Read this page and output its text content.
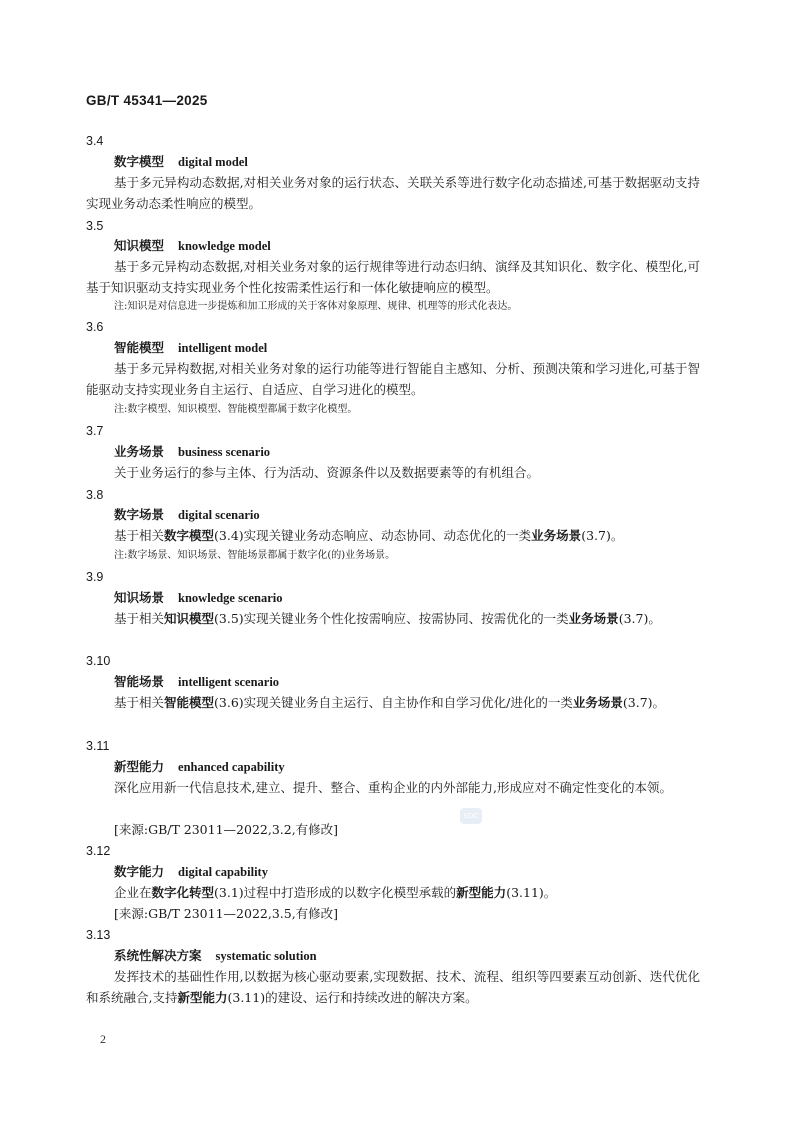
GB/T 45341—2025
3.4
数字模型 digital model
基于多元异构动态数据,对相关业务对象的运行状态、关联关系等进行数字化动态描述,可基于数据驱动支持实现业务动态柔性响应的模型。
3.5
知识模型 knowledge model
基于多元异构动态数据,对相关业务对象的运行规律等进行动态归纳、演绎及其知识化、数字化、模型化,可基于知识驱动支持实现业务个性化按需柔性运行和一体化敏捷响应的模型。
注:知识是对信息进一步提炼和加工形成的关于客体对象原理、规律、机理等的形式化表达。
3.6
智能模型 intelligent model
基于多元异构数据,对相关业务对象的运行功能等进行智能自主感知、分析、预测决策和学习进化,可基于智能驱动支持实现业务自主运行、自适应、自学习进化的模型。
注:数字模型、知识模型、智能模型都属于数字化模型。
3.7
业务场景 business scenario
关于业务运行的参与主体、行为活动、资源条件以及数据要素等的有机组合。
3.8
数字场景 digital scenario
基于相关数字模型(3.4)实现关键业务动态响应、动态协同、动态优化的一类业务场景(3.7)。
注:数字场景、知识场景、智能场景都属于数字化(的)业务场景。
3.9
知识场景 knowledge scenario
基于相关知识模型(3.5)实现关键业务个性化按需响应、按需协同、按需优化的一类业务场景(3.7)。
3.10
智能场景 intelligent scenario
基于相关智能模型(3.6)实现关键业务自主运行、自主协作和自学习优化/进化的一类业务场景(3.7)。
3.11
新型能力 enhanced capability
深化应用新一代信息技术,建立、提升、整合、重构企业的内外部能力,形成应对不确定性变化的本领。
[来源:GB/T 23011—2022,3.2,有修改]
3.12
数字能力 digital capability
企业在数字化转型(3.1)过程中打造形成的以数字化模型承载的新型能力(3.11)。
[来源:GB/T 23011—2022,3.5,有修改]
3.13
系统性解决方案 systematic solution
发挥技术的基础性作用,以数据为核心驱动要素,实现数据、技术、流程、组织等四要素互动创新、迭代优化和系统融合,支持新型能力(3.11)的建设、运行和持续改进的解决方案。
SDC
2
